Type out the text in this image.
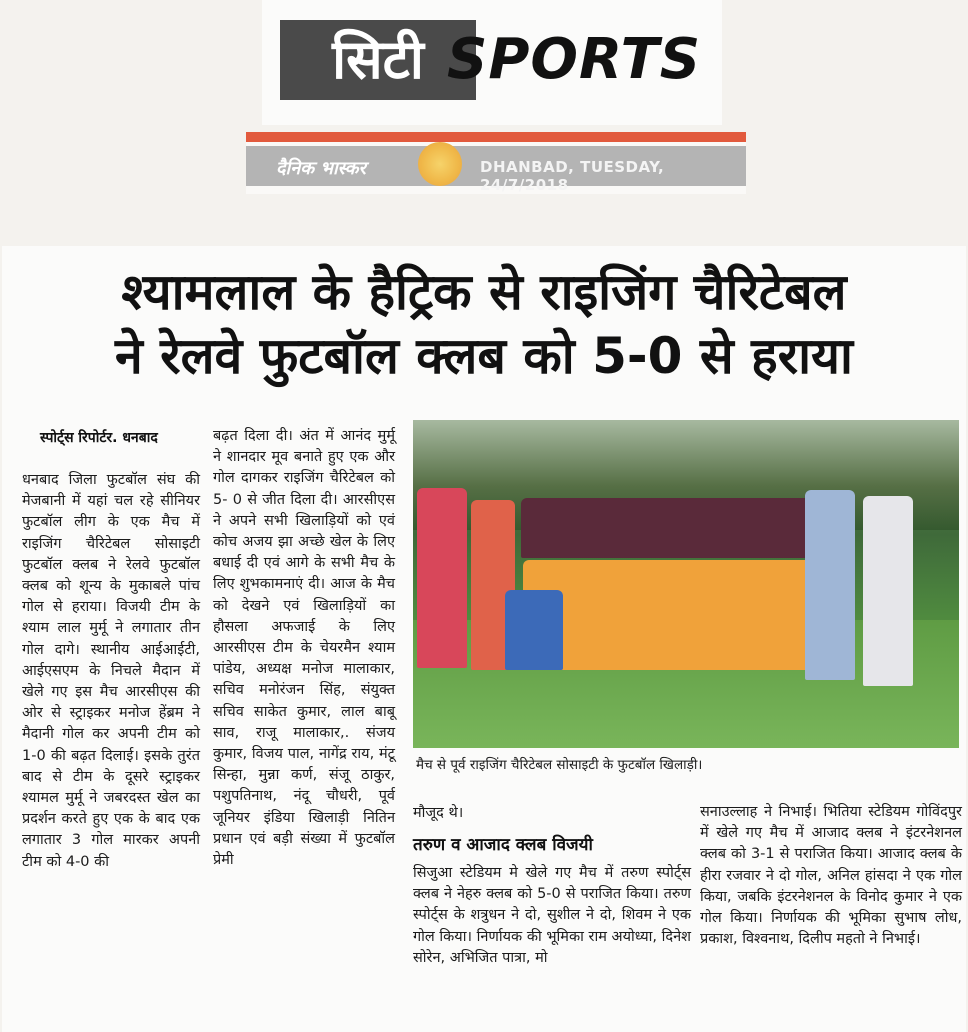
सिटी SPORTS
दैनिक भास्कर	DHANBAD, TUESDAY, 24/7/2018
श्यामलाल के हैट्रिक से राइजिंग चैरिटेबल
ने रेलवे फुटबॉल क्लब को 5-0 से हराया
स्पोर्ट्स रिपोर्टर. धनबाद
धनबाद जिला फुटबॉल संघ की मेजबानी में यहां चल रहे सीनियर फुटबॉल लीग के एक मैच में राइजिंग चैरिटेबल सोसाइटी फुटबॉल क्लब ने रेलवे फुटबॉल क्लब को शून्य के मुकाबले पांच गोल से हराया। विजयी टीम के श्याम लाल मुर्मू ने लगातार तीन गोल दागे। स्थानीय आईआईटी, आईएसएम के निचले मैदान में खेले गए इस मैच आरसीएस की ओर से स्ट्राइकर मनोज हेंब्रम ने मैदानी गोल कर अपनी टीम को 1-0 की बढ़त दिलाई। इसके तुरंत बाद से टीम के दूसरे स्ट्राइकर श्यामल मुर्मू ने जबरदस्त खेल का प्रदर्शन करते हुए एक के बाद एक लगातार 3 गोल मारकर अपनी टीम को 4-0 की
बढ़त दिला दी। अंत में आनंद मुर्मू ने शानदार मूव बनाते हुए एक और गोल दागकर राइजिंग चैरिटेबल को 5- 0 से जीत दिला दी। आरसीएस ने अपने सभी खिलाड़ियों को एवं कोच अजय झा अच्छे खेल के लिए बधाई दी एवं आगे के सभी मैच के लिए शुभकामनाएं दी। आज के मैच को देखने एवं खिलाड़ियों का हौसला अफजाई के लिए आरसीएस टीम के चेयरमैन श्याम पांडेय, अध्यक्ष मनोज मालाकार, सचिव मनोरंजन सिंह, संयुक्त सचिव साकेत कुमार, लाल बाबू साव, राजू मालाकार,. संजय कुमार, विजय पाल, नागेंद्र राय, मंटू सिन्हा, मुन्ना कर्ण, संजू ठाकुर, पशुपतिनाथ, नंदू चौधरी, पूर्व जूनियर इंडिया खिलाड़ी नितिन प्रधान एवं बड़ी संख्या में फुटबॉल प्रेमी
मैच से पूर्व राइजिंग चैरिटेबल सोसाइटी के फुटबॉल खिलाड़ी।
मौजूद थे।
तरुण व आजाद क्लब विजयी
सिजुआ स्टेडियम मे खेले गए मैच में तरुण स्पोर्ट्स क्लब ने नेहरु क्लब को 5-0 से पराजित किया। तरुण स्पोर्ट्स के शत्रुधन ने दो, सुशील ने दो, शिवम ने एक गोल किया। निर्णायक की भूमिका राम अयोध्या, दिनेश सोरेन, अभिजित पात्रा, मो
सनाउल्लाह ने निभाई। भितिया स्टेडियम गोविंदपुर में खेले गए मैच में आजाद क्लब ने इंटरनेशनल क्लब को 3-1 से पराजित किया। आजाद क्लब के हीरा रजवार ने दो गोल, अनिल हांसदा ने एक गोल किया, जबकि इंटरनेशनल के विनोद कुमार ने एक गोल किया। निर्णायक की भूमिका सुभाष लोध, प्रकाश, विश्वनाथ, दिलीप महतो ने निभाई।
